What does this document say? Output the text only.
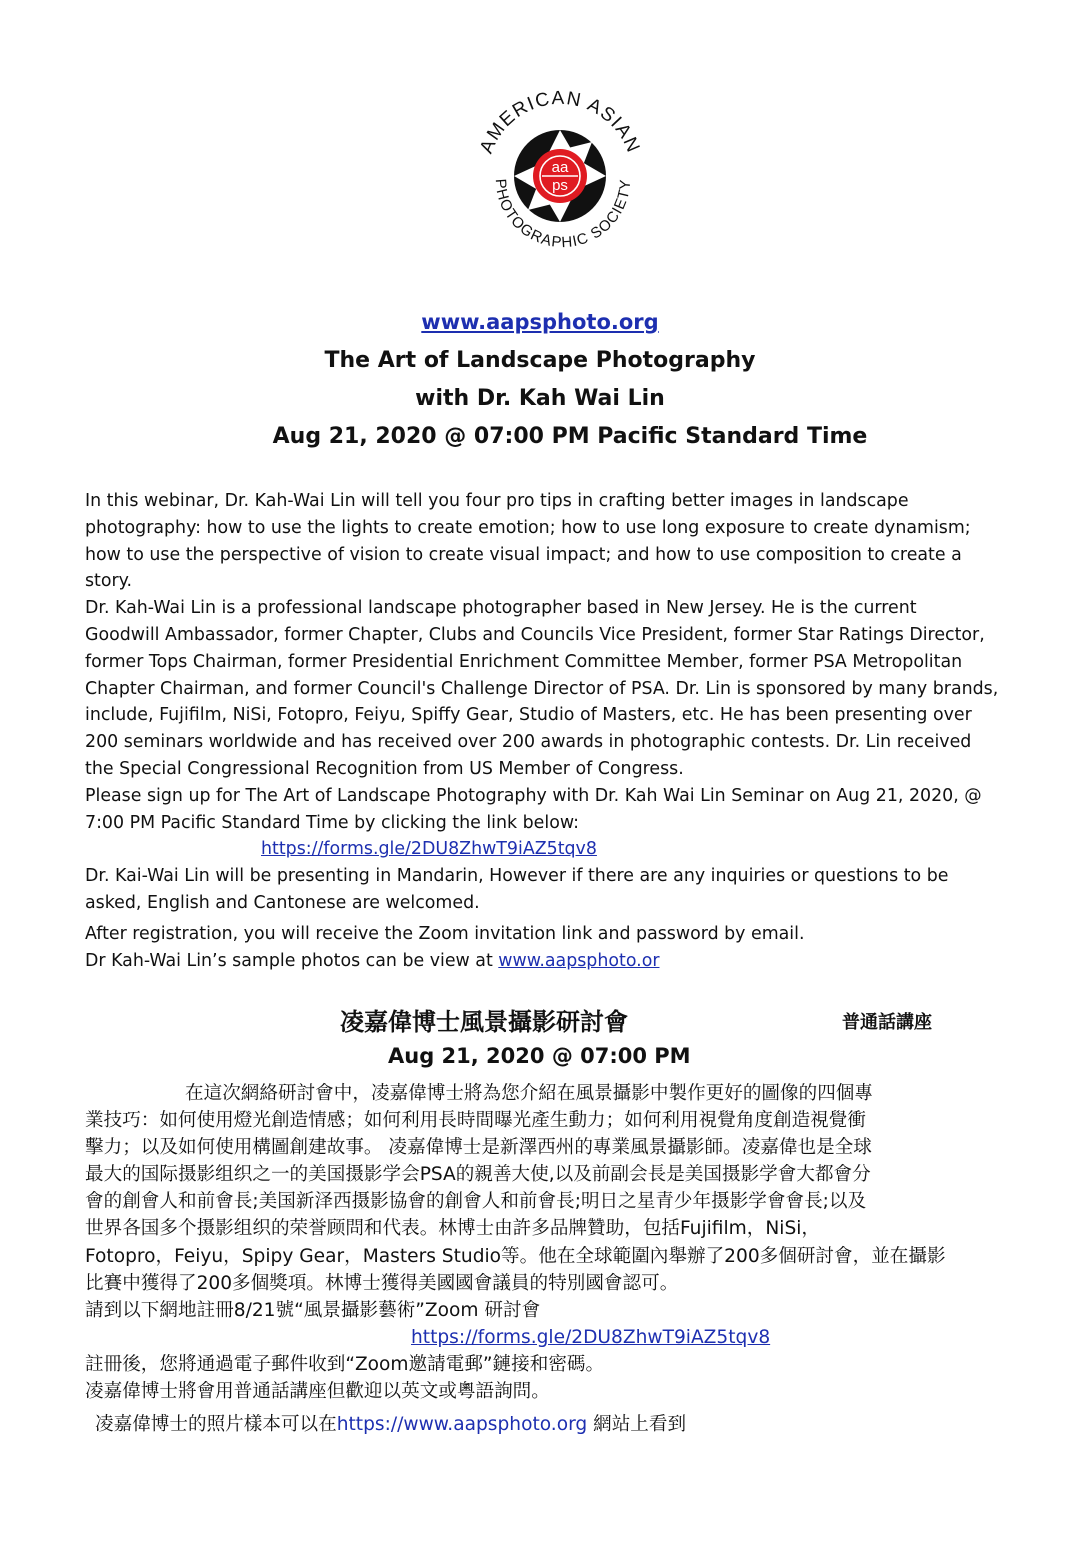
AMERICAN ASIAN
PHOTOGRAPHIC SOCIETY
aa
ps
www.aapsphoto.org
The Art of Landscape Photography
with Dr. Kah Wai Lin
Aug 21, 2020 @ 07:00 PM Pacific Standard Time

In this webinar, Dr. Kah-Wai Lin will tell you four pro tips in crafting better images in landscape

photography: how to use the lights to create emotion; how to use long exposure to create dynamism;

how to use the perspective of vision to create visual impact; and how to use composition to create a

story.

Dr. Kah-Wai Lin is a professional landscape photographer based in New Jersey. He is the current

Goodwill Ambassador, former Chapter, Clubs and Councils Vice President, former Star Ratings Director,

former Tops Chairman, former Presidential Enrichment Committee Member, former PSA Metropolitan

Chapter Chairman, and former Council's Challenge Director of PSA. Dr. Lin is sponsored by many brands,

include, Fujifilm, NiSi, Fotopro, Feiyu, Spiffy Gear, Studio of Masters, etc. He has been presenting over

200 seminars worldwide and has received over 200 awards in photographic contests. Dr. Lin received

the Special Congressional Recognition from US Member of Congress.

Please sign up for The Art of Landscape Photography with Dr. Kah Wai Lin Seminar on Aug 21, 2020, @

7:00 PM Pacific Standard Time by clicking the link below:

https://forms.gle/2DU8ZhwT9iAZ5tqv8

Dr. Kai-Wai Lin will be presenting in Mandarin, However if there are any inquiries or questions to be

asked, English and Cantonese are welcomed.

After registration, you will receive the Zoom invitation link and password by email.

Dr Kah-Wai Lin’s sample photos can be view at www.aapsphoto.or

凌嘉偉博士風景攝影研討會	普通話講座
Aug 21, 2020 @ 07:00 PM

在這次網絡研討會中，凌嘉偉博士將為您介紹在風景攝影中製作更好的圖像的四個專

業技巧：如何使用燈光創造情感；如何利用長時間曝光產生動力；如何利用視覺角度創造視覺衝

擊力；以及如何使用構圖創建故事。 凌嘉偉博士是新澤西州的專業風景攝影師。凌嘉偉也是全球

最大的国际摄影组织之一的美国摄影学会PSA的親善大使,以及前副会長是美国摄影学會大都會分

會的創會人和前會長;美国新泽西摄影協會的創會人和前會長;明日之星青少年摄影学會會長;以及

世界各国多个摄影组织的荣誉顾問和代表。林博士由許多品牌贊助，包括Fujifilm，NiSi，

Fotopro，Feiyu，Spipy Gear，Masters Studio等。他在全球範圍內舉辦了200多個研討會，並在攝影

比賽中獲得了200多個獎項。林博士獲得美國國會議員的特別國會認可。

請到以下網地註冊8/21號“風景攝影藝術”Zoom 研討會

https://forms.gle/2DU8ZhwT9iAZ5tqv8

註冊後，您將通過電子郵件收到“Zoom邀請電郵”鏈接和密碼。

凌嘉偉博士將會用普通話講座但歡迎以英文或粵語詢問。

凌嘉偉博士的照片樣本可以在https://www.aapsphoto.org 網站上看到
